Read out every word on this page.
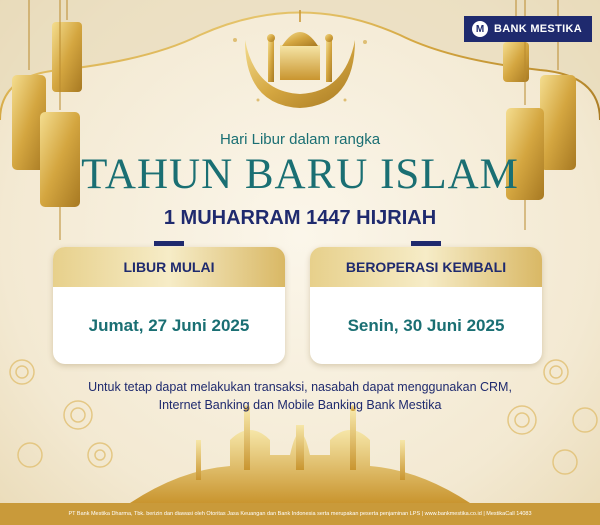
M BANK MESTIKA
Hari Libur dalam rangka
TAHUN BARU ISLAM
1 MUHARRAM 1447 HIJRIAH
LIBUR MULAI
Jumat, 27 Juni 2025
BEROPERASI KEMBALI
Senin, 30 Juni 2025
Untuk tetap dapat melakukan transaksi, nasabah dapat menggunakan CRM,
Internet Banking dan Mobile Banking Bank Mestika
PT Bank Mestika Dharma, Tbk. berizin dan diawasi oleh Otoritas Jasa Keuangan dan Bank Indonesia serta merupakan peserta penjaminan LPS | www.bankmestika.co.id | MestikaCall 14083
